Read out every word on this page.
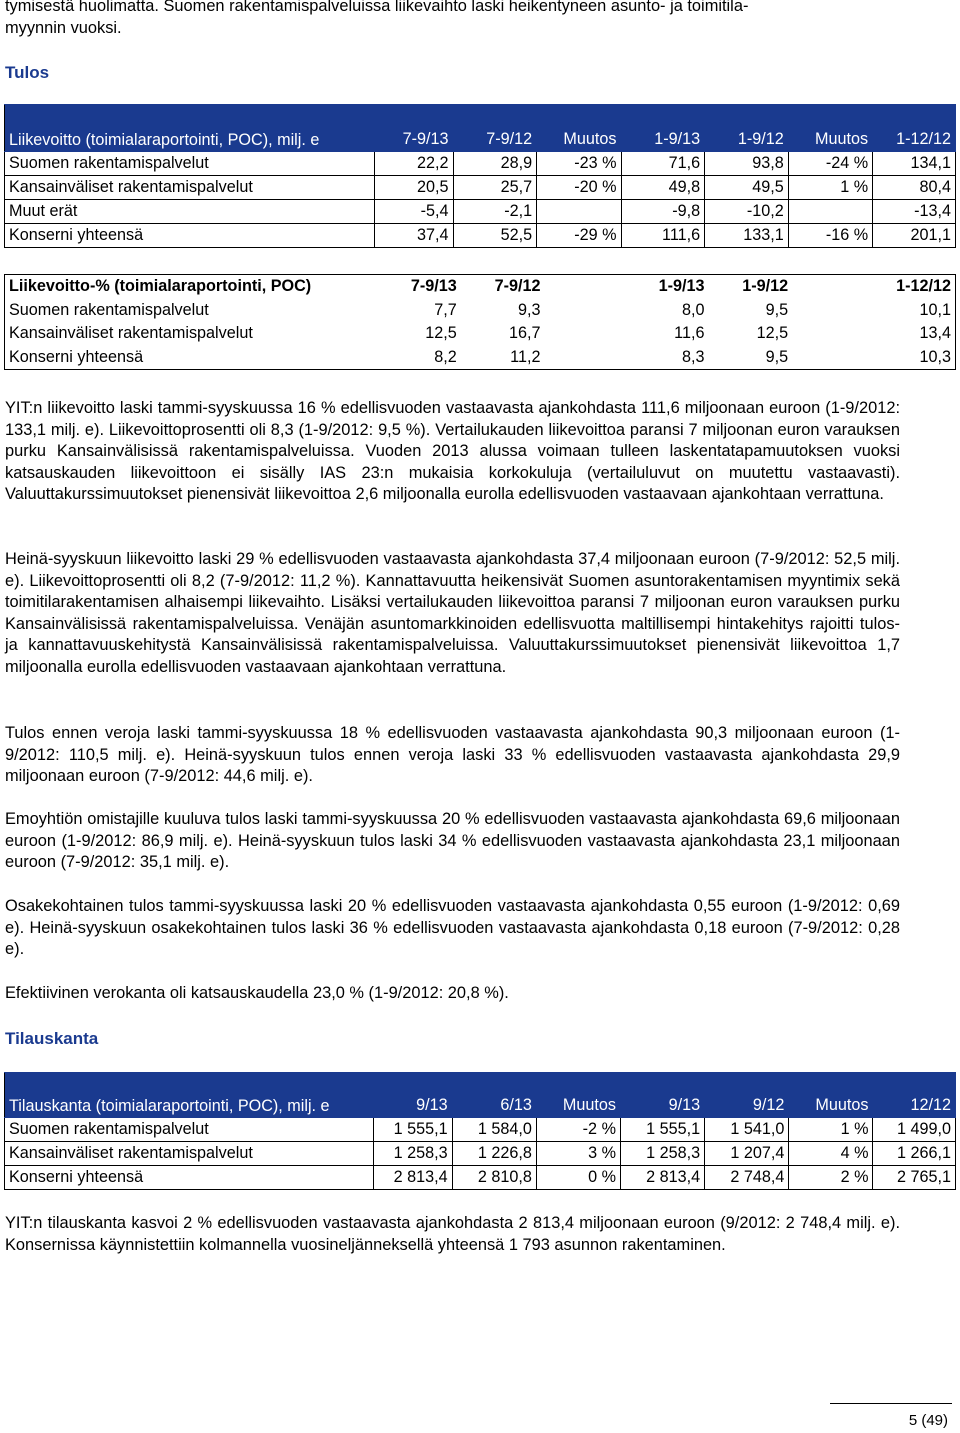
tymisestä huolimatta. Suomen rakentamispalveluissa liikevaihto laski heikentyneen asunto- ja toimitila-
myynnin vuoksi.

Tulos
Liikevoitto (toimialaraportointi, POC), milj. e	7-9/13	7-9/12	Muutos	1-9/13	1-9/12	Muutos	1-12/12
Suomen rakentamispalvelut	22,2	28,9	-23 %	71,6	93,8	-24 %	134,1
Kansainväliset rakentamispalvelut	20,5	25,7	-20 %	49,8	49,5	1 %	80,4
Muut erät	-5,4	-2,1		-9,8	-10,2		-13,4
Konserni yhteensä	37,4	52,5	-29 %	111,6	133,1	-16 %	201,1
Liikevoitto-% (toimialaraportointi, POC)	7-9/13	7-9/12		1-9/13	1-9/12		1-12/12
Suomen rakentamispalvelut	7,7	9,3		8,0	9,5		10,1
Kansainväliset rakentamispalvelut	12,5	16,7		11,6	12,5		13,4
Konserni yhteensä	8,2	11,2		8,3	9,5		10,3

YIT:n liikevoitto laski tammi-syyskuussa 16 % edellisvuoden vastaavasta ajankohdasta 111,6 miljoonaan euroon (1-9/2012: 133,1 milj. e). Liikevoittoprosentti oli 8,3 (1-9/2012: 9,5 %). Vertailukauden liikevoittoa paransi 7 miljoonan euron varauksen purku Kansainvälisissä rakentamispalveluissa. Vuoden 2013 alussa voimaan tulleen laskentatapamuutoksen vuoksi katsauskauden liikevoittoon ei sisälly IAS 23:n mukaisia korkokuluja (vertailuluvut on muutettu vastaavasti). Valuuttakurssimuutokset pienensivät liikevoittoa 2,6 miljoonalla eurolla edellisvuoden vastaavaan ajankohtaan verrattuna.

Heinä-syyskuun liikevoitto laski 29 % edellisvuoden vastaavasta ajankohdasta 37,4 miljoonaan euroon (7-9/2012: 52,5 milj. e). Liikevoittoprosentti oli 8,2 (7-9/2012: 11,2 %). Kannattavuutta heikensivät Suomen asuntorakentamisen myyntimix sekä toimitilarakentamisen alhaisempi liikevaihto. Lisäksi vertailukauden liikevoittoa paransi 7 miljoonan euron varauksen purku Kansainvälisissä rakentamispalveluissa. Venäjän asuntomarkkinoiden edellisvuotta maltillisempi hintakehitys rajoitti tulos- ja kannattavuuskehitystä Kansainvälisissä rakentamispalveluissa. Valuuttakurssimuutokset pienensivät liikevoittoa 1,7 miljoonalla eurolla edellisvuoden vastaavaan ajankohtaan verrattuna.

Tulos ennen veroja laski tammi-syyskuussa 18 % edellisvuoden vastaavasta ajankohdasta 90,3 miljoonaan euroon (1-9/2012: 110,5 milj. e). Heinä-syyskuun tulos ennen veroja laski 33 % edellisvuoden vastaavasta ajankohdasta 29,9 miljoonaan euroon (7-9/2012: 44,6 milj. e).

Emoyhtiön omistajille kuuluva tulos laski tammi-syyskuussa 20 % edellisvuoden vastaavasta ajankohdasta 69,6 miljoonaan euroon (1-9/2012: 86,9 milj. e). Heinä-syyskuun tulos laski 34 % edellisvuoden vastaavasta ajankohdasta 23,1 miljoonaan euroon (7-9/2012: 35,1 milj. e).

Osakekohtainen tulos tammi-syyskuussa laski 20 % edellisvuoden vastaavasta ajankohdasta 0,55 euroon (1-9/2012: 0,69 e). Heinä-syyskuun osakekohtainen tulos laski 36 % edellisvuoden vastaavasta ajankohdasta 0,18 euroon (7-9/2012: 0,28 e).

Efektiivinen verokanta oli katsauskaudella 23,0 % (1-9/2012: 20,8 %).

Tilauskanta
Tilauskanta (toimialaraportointi, POC), milj. e	9/13	6/13	Muutos	9/13	9/12	Muutos	12/12
Suomen rakentamispalvelut	1 555,1	1 584,0	-2 %	1 555,1	1 541,0	1 %	1 499,0
Kansainväliset rakentamispalvelut	1 258,3	1 226,8	3 %	1 258,3	1 207,4	4 %	1 266,1
Konserni yhteensä	2 813,4	2 810,8	0 %	2 813,4	2 748,4	2 %	2 765,1

YIT:n tilauskanta kasvoi 2 % edellisvuoden vastaavasta ajankohdasta 2 813,4 miljoonaan euroon (9/2012: 2 748,4 milj. e). Konsernissa käynnistettiin kolmannella vuosineljänneksellä yhteensä 1 793 asunnon rakentaminen.

5 (49)
